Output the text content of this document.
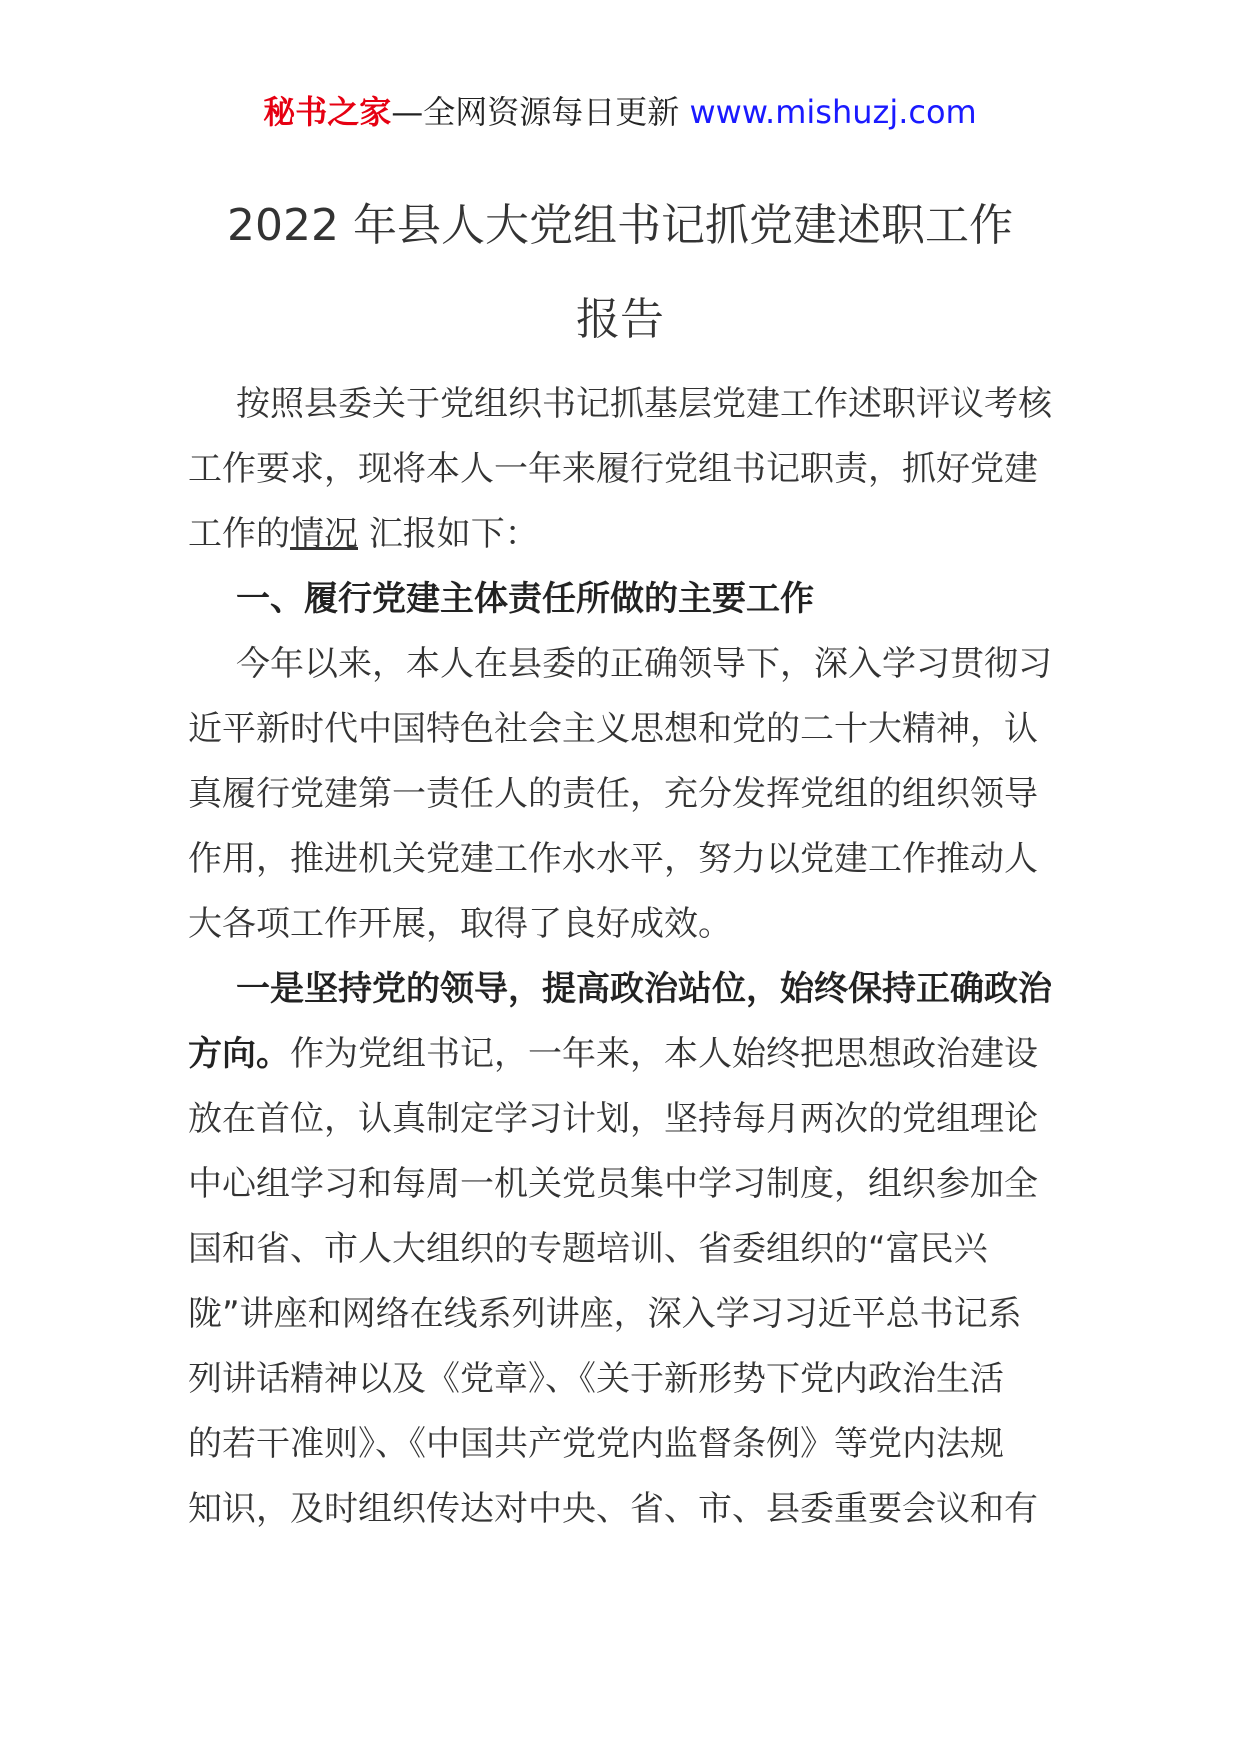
秘书之家—全网资源每日更新 www.mishuzj.com
2022 年县人大党组书记抓党建述职工作
报告
按照县委关于党组织书记抓基层党建工作述职评议考核
工作要求，现将本人一年来履行党组书记职责，抓好党建
工作的情况 汇报如下：
一、履行党建主体责任所做的主要工作
今年以来，本人在县委的正确领导下，深入学习贯彻习
近平新时代中国特色社会主义思想和党的二十大精神，认
真履行党建第一责任人的责任，充分发挥党组的组织领导
作用，推进机关党建工作水水平，努力以党建工作推动人
大各项工作开展，取得了良好成效。
一是坚持党的领导，提高政治站位，始终保持正确政治
方向。作为党组书记，一年来，本人始终把思想政治建设
放在首位，认真制定学习计划，坚持每月两次的党组理论
中心组学习和每周一机关党员集中学习制度，组织参加全
国和省、市人大组织的专题培训、省委组织的“富民兴
陇”讲座和网络在线系列讲座，深入学习习近平总书记系
列讲话精神以及《党章》、《关于新形势下党内政治生活
的若干准则》、《中国共产党党内监督条例》等党内法规
知识，及时组织传达对中央、省、市、县委重要会议和有
